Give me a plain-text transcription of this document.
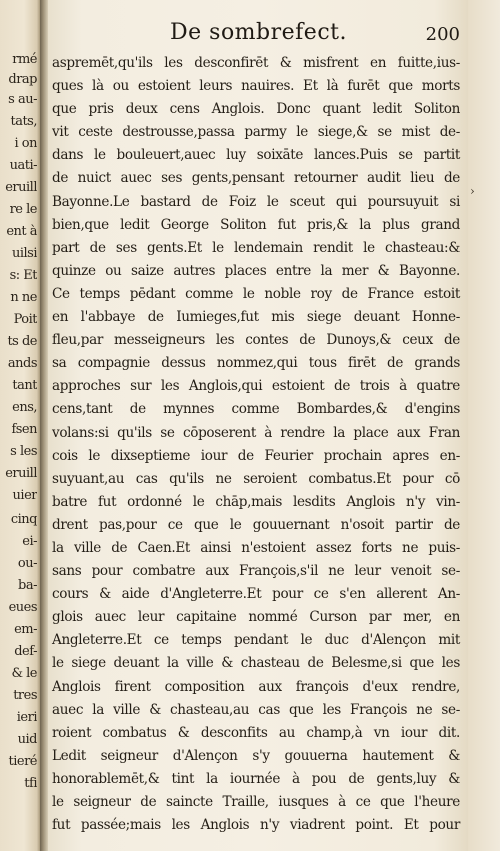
rmé
drap
s au-
tats,
i on
uati-
eruill
re le
ent à
uilsi
s: Et
n ne
Poit
ts de
ands
tant
ens,
fsen
s les
eruill
uier
cinq
ei-
ou-
ba-
eues
em-
def-
& le
tres
ieri
uid
tieré
tfi
›
De sombrefect.	200
aspremēt,qu'ils les desconfirēt & misfrent en fuitte,ius-
ques là ou estoient leurs nauires. Et là furēt que morts
que pris deux cens Anglois. Donc quant ledit Soliton
vit ceste destrousse,passa parmy le siege,& se mist de-
dans le bouleuert,auec luy soixāte lances.Puis se partit
de nuict auec ses gents,pensant retourner audit lieu de
Bayonne.Le bastard de Foiz le sceut qui poursuyuit si
bien,que ledit George Soliton fut pris,& la plus grand
part de ses gents.Et le lendemain rendit le chasteau:&
quinze ou saize autres places entre la mer & Bayonne.
Ce temps pēdant comme le noble roy de France estoit
en l'abbaye de Iumieges,fut mis siege deuant Honne-
fleu,par messeigneurs les contes de Dunoys,& ceux de
sa compagnie dessus nommez,qui tous firēt de grands
approches sur les Anglois,qui estoient de trois à quatre
cens,tant de mynnes comme Bombardes,& d'engins
volans:si qu'ils se cōposerent à rendre la place aux Fran
cois le dixseptieme iour de Feurier prochain apres en-
suyuant,au cas qu'ils ne seroient combatus.Et pour cō
batre fut ordonné le chāp,mais lesdits Anglois n'y vin-
drent pas,pour ce que le gouuernant n'osoit partir de
la ville de Caen.Et ainsi n'estoient assez forts ne puis-
sans pour combatre aux François,s'il ne leur venoit se-
cours & aide d'Angleterre.Et pour ce s'en allerent An-
glois auec leur capitaine nommé Curson par mer, en
Angleterre.Et ce temps pendant le duc d'Alençon mit
le siege deuant la ville & chasteau de Belesme,si que les
Anglois firent composition aux françois d'eux rendre,
auec la ville & chasteau,au cas que les François ne se-
roient combatus & desconfits au champ,à vn iour dit.
Ledit seigneur d'Alençon s'y gouuerna hautement &
honorablemēt,& tint la iournée à pou de gents,luy &
le seigneur de saincte Traille, iusques à ce que l'heure
fut passée;mais les Anglois n'y viadrent point. Et pour
